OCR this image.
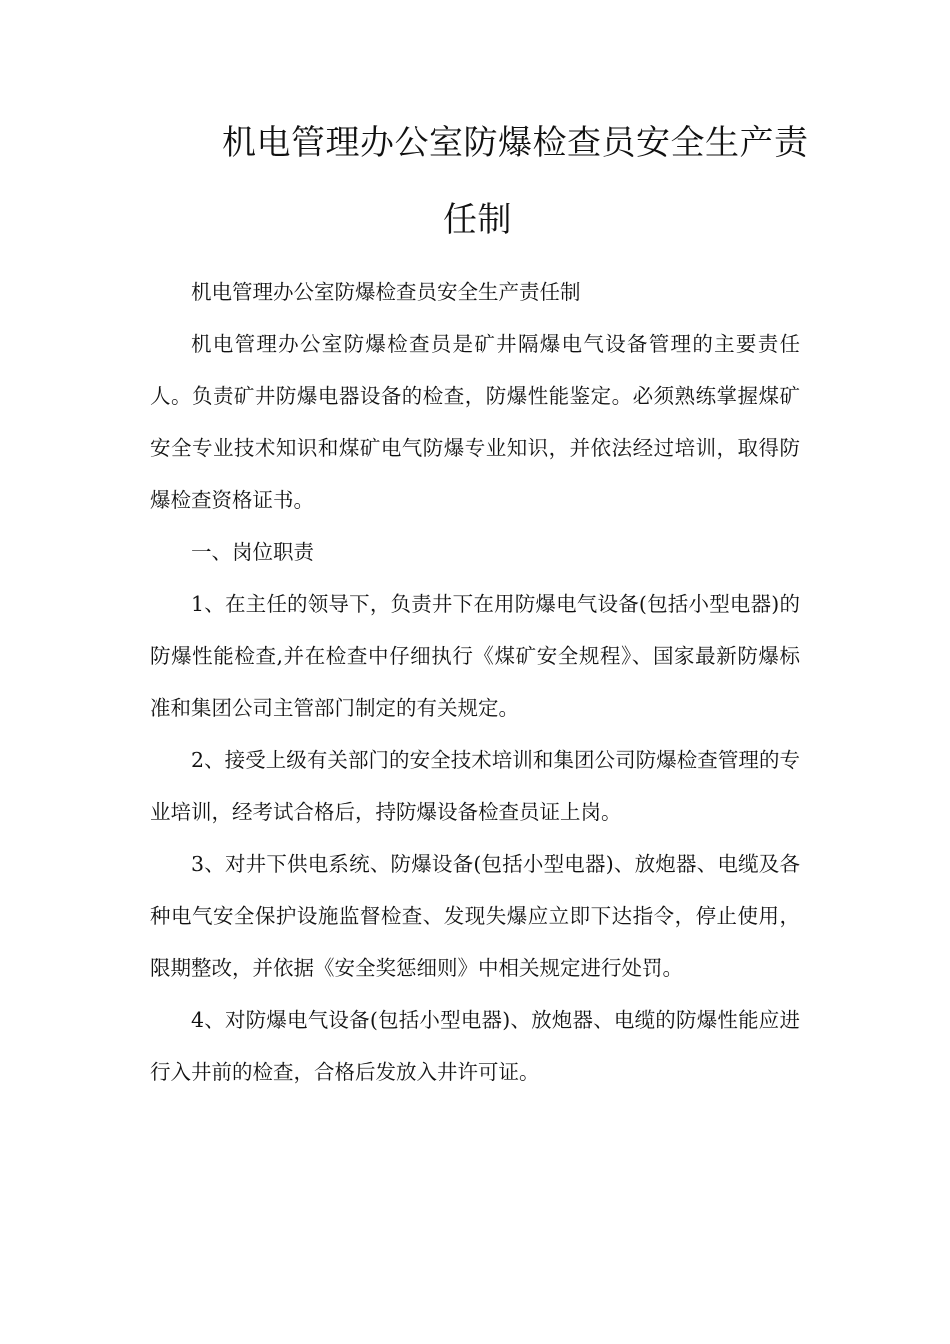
机电管理办公室防爆检查员安全生产责
任制

机电管理办公室防爆检查员安全生产责任制

机电管理办公室防爆检查员是矿井隔爆电气设备管理的主要责任人。负责矿井防爆电器设备的检查，防爆性能鉴定。必须熟练掌握煤矿安全专业技术知识和煤矿电气防爆专业知识，并依法经过培训，取得防爆检查资格证书。

一、岗位职责

1、在主任的领导下，负责井下在用防爆电气设备(包括小型电器)的防爆性能检查,并在检查中仔细执行《煤矿安全规程》、国家最新防爆标准和集团公司主管部门制定的有关规定。

2、接受上级有关部门的安全技术培训和集团公司防爆检查管理的专业培训，经考试合格后，持防爆设备检查员证上岗。

3、对井下供电系统、防爆设备(包括小型电器)、放炮器、电缆及各种电气安全保护设施监督检查、发现失爆应立即下达指令，停止使用，限期整改，并依据《安全奖惩细则》中相关规定进行处罚。

4、对防爆电气设备(包括小型电器)、放炮器、电缆的防爆性能应进行入井前的检查，合格后发放入井许可证。
